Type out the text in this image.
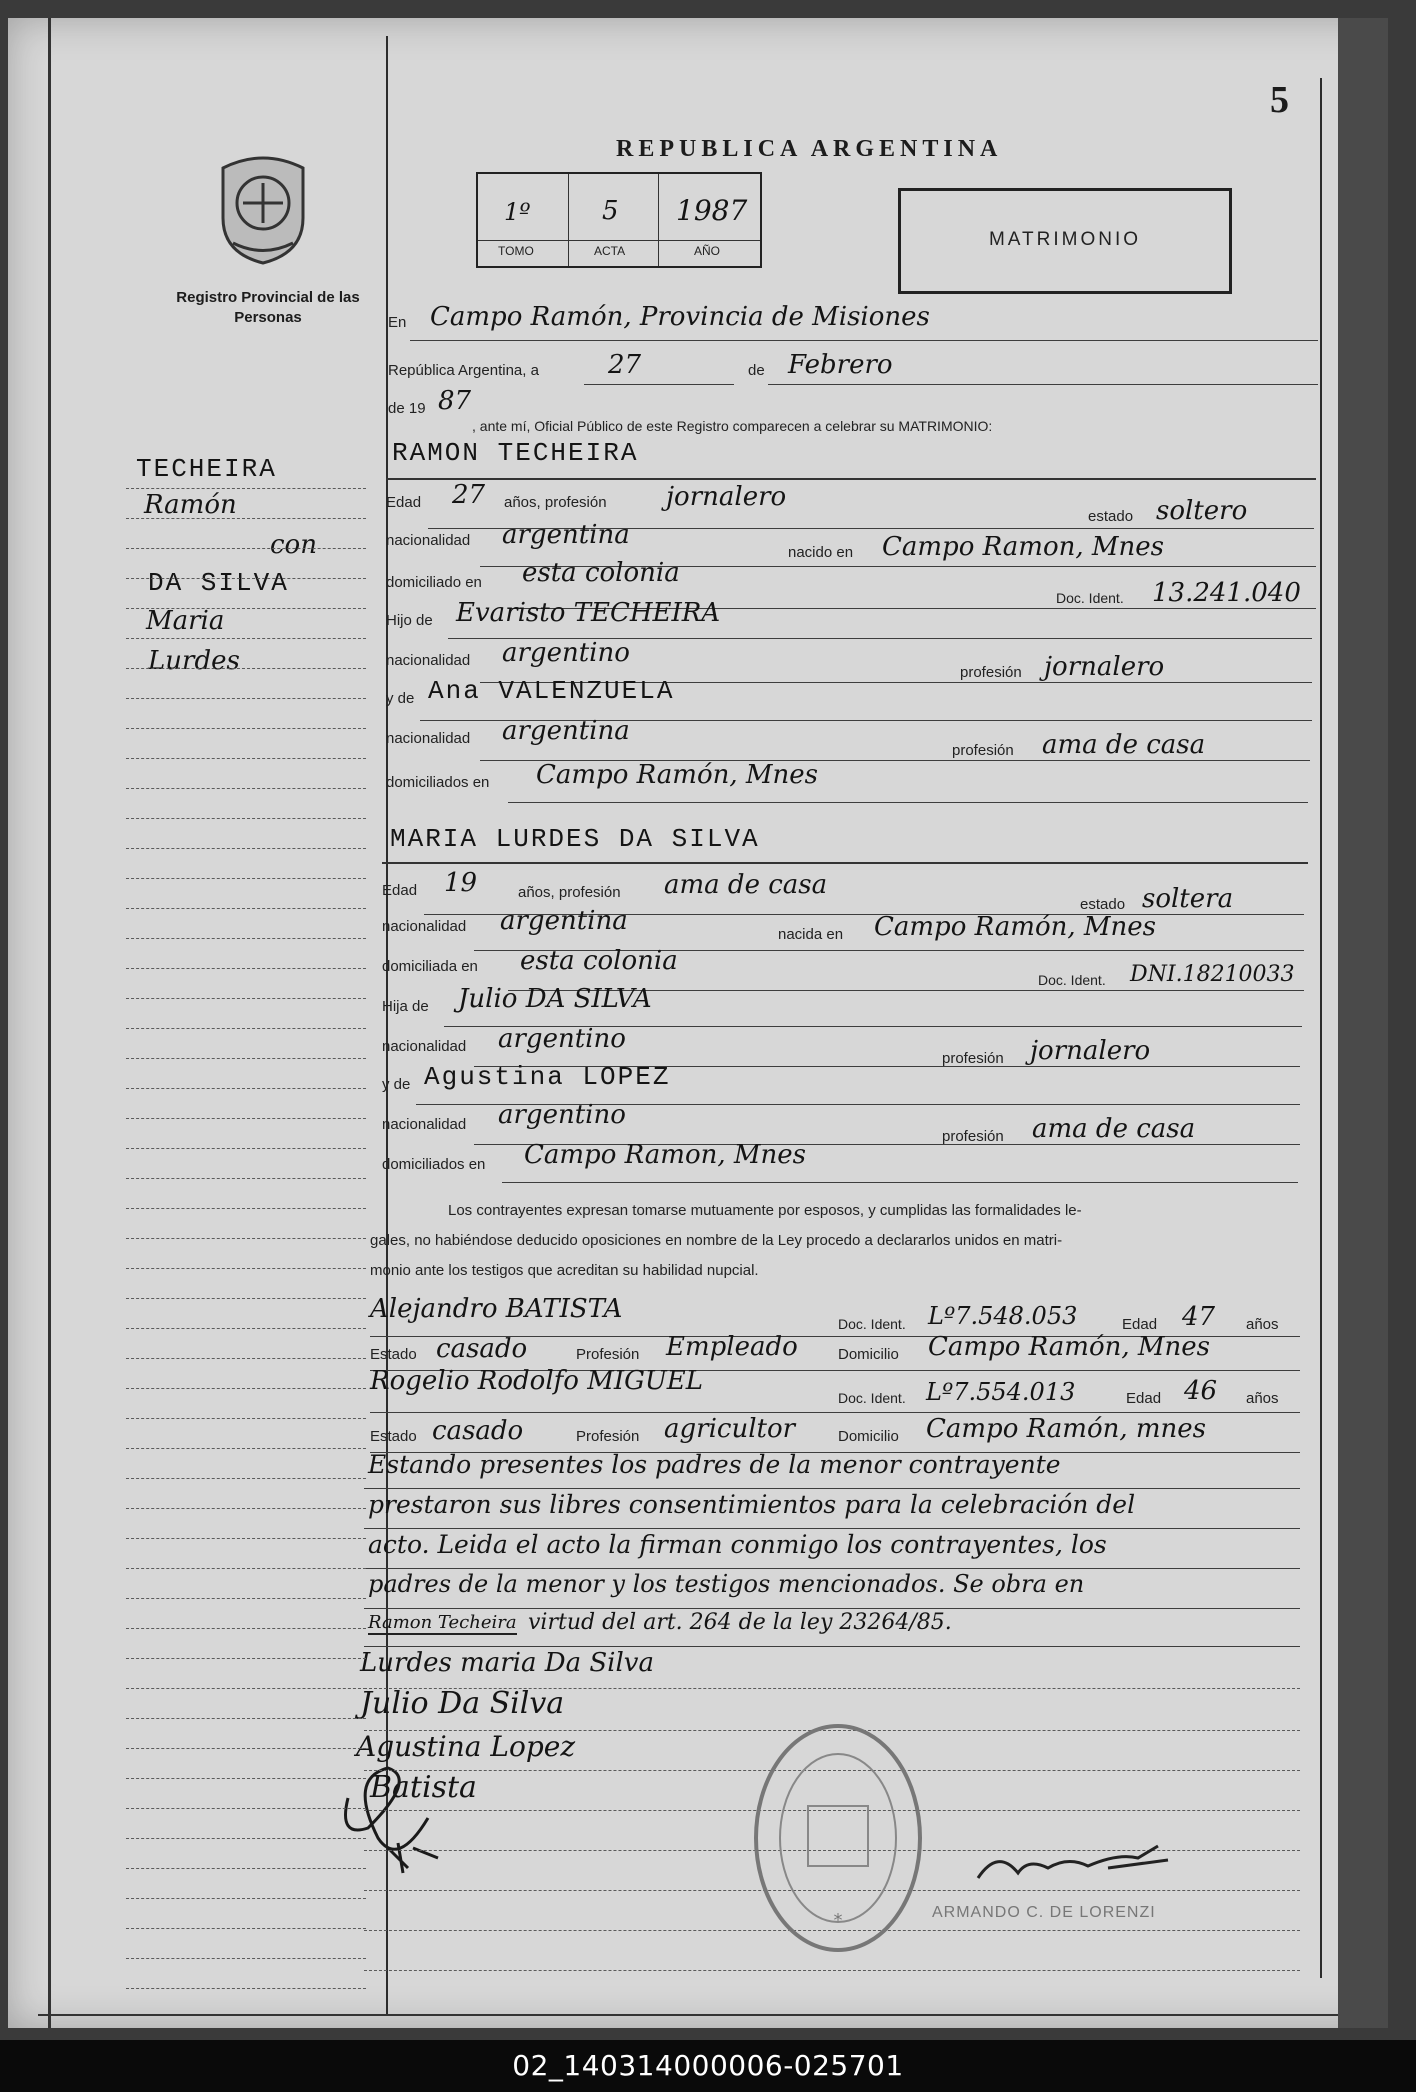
5
REPUBLICA ARGENTINA
Registro Provincial de las Personas
1º	5 1987
TOMO	ACTA	AÑO
MATRIMONIO
TECHEIRA
Ramón
con
DA SILVA
Maria
Lurdes
En Campo Ramón, Provincia de Misiones
República Argentina, a	27	de Febrero
de 19 87
, ante mí, Oficial Público de este Registro comparecen a celebrar su MATRIMONIO:
RAMON TECHEIRA
Edad 27 años, profesión jornalero
estado soltero
nacionalidad argentina
nacido en Campo Ramon, Mnes
domiciliado en esta colonia
Doc. Ident. 13.241.040
Hijo de Evaristo TECHEIRA
nacionalidad argentino
profesión jornalero
y de Ana VALENZUELA
nacionalidad argentina
profesión ama de casa
domiciliados en Campo Ramón, Mnes
MARIA LURDES DA SILVA
Edad 19	años, profesión ama de casa
estado soltera
nacionalidad argentina	nacida en Campo Ramón, Mnes
domiciliada en esta colonia
Doc. Ident. DNI.18210033
Hija de Julio DA SILVA
nacionalidad argentino
profesión jornalero
y de Agustina LOPEZ
nacionalidad argentino
profesión ama de casa
domiciliados en Campo Ramon, Mnes
Los contrayentes expresan tomarse mutuamente por esposos, y cumplidas las formalidades le-
gales, no habiéndose deducido oposiciones en nombre de la Ley procedo a declararlos unidos en matri-
monio ante los testigos que acreditan su habilidad nupcial.
Alejandro BATISTA	Doc. Ident. Lº7.548.053	Edad 47 años
Estado casado	Profesión Empleado	Domicilio Campo Ramón, Mnes
Rogelio Rodolfo MIGUEL
Doc. Ident. Lº7.554.013	Edad 46 años
Estado casado	Profesión agricultor	Domicilio Campo Ramón, mnes
Estando presentes los padres de la menor contrayente
prestaron sus libres consentimientos para la celebración del
acto. Leida el acto la firman conmigo los contrayentes, los
padres de la menor y los testigos mencionados. Se obra en
Ramon Techeira virtud del art. 264 de la ley 23264/85.
Lurdes maria Da Silva
Julio Da Silva
Agustina Lopez
Batista
*	ARMANDO C. DE LORENZI
02_140314000006-025701
